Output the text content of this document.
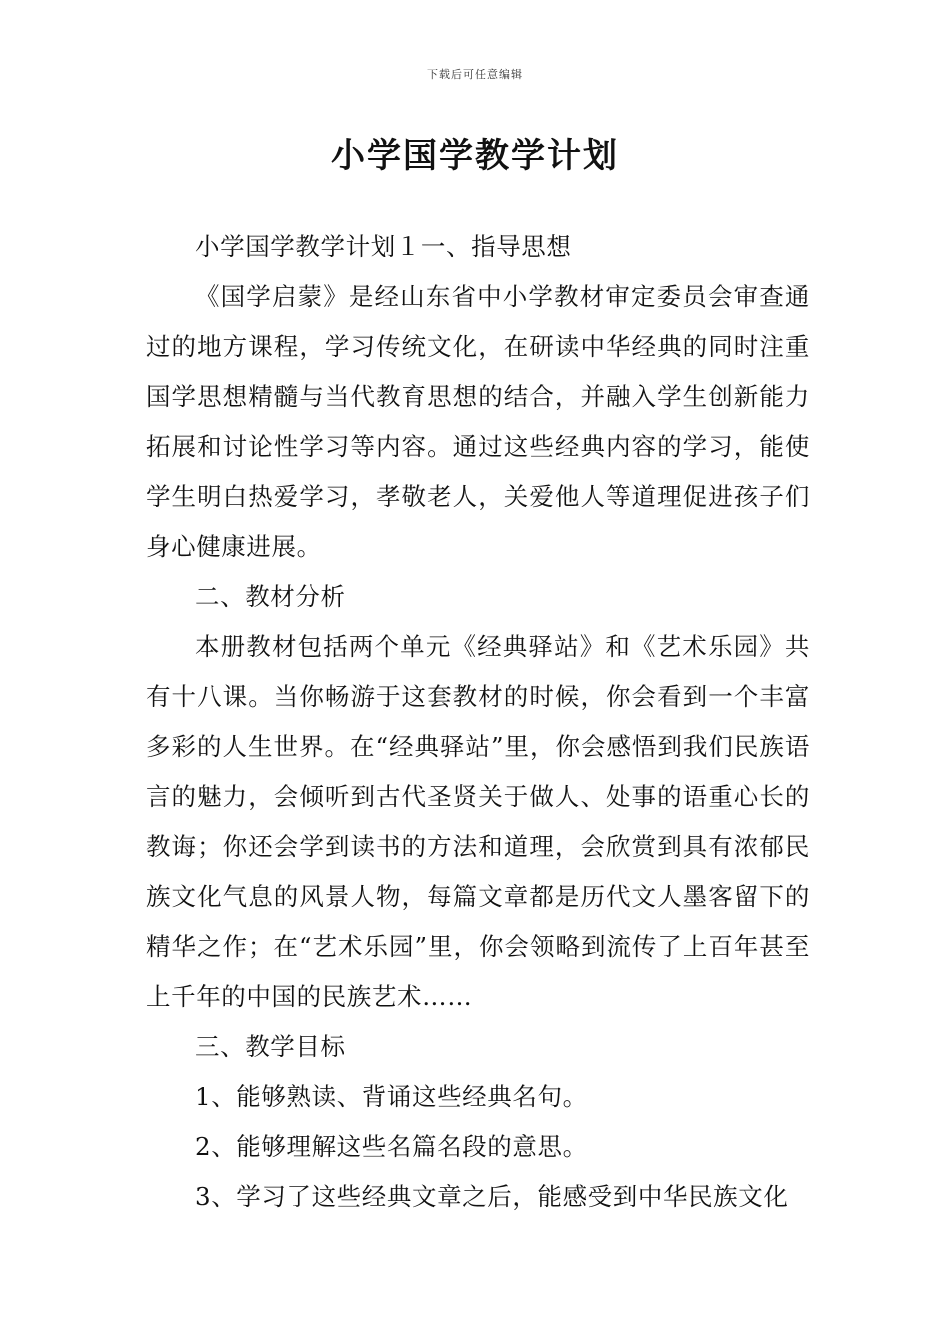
下载后可任意编辑
小学国学教学计划

小学国学教学计划１一、指导思想

《国学启蒙》是经山东省中小学教材审定委员会审查通过的地方课程，学习传统文化，在研读中华经典的同时注重国学思想精髓与当代教育思想的结合，并融入学生创新能力拓展和讨论性学习等内容。通过这些经典内容的学习，能使学生明白热爱学习，孝敬老人，关爱他人等道理促进孩子们身心健康进展。

二、教材分析

本册教材包括两个单元《经典驿站》和《艺术乐园》共有十八课。当你畅游于这套教材的时候，你会看到一个丰富多彩的人生世界。在“经典驿站”里，你会感悟到我们民族语言的魅力，会倾听到古代圣贤关于做人、处事的语重心长的教诲；你还会学到读书的方法和道理，会欣赏到具有浓郁民族文化气息的风景人物，每篇文章都是历代文人墨客留下的精华之作；在“艺术乐园”里，你会领略到流传了上百年甚至上千年的中国的民族艺术……

三、教学目标

1、能够熟读、背诵这些经典名句。

2、能够理解这些名篇名段的意思。

3、学习了这些经典文章之后，能感受到中华民族文化
